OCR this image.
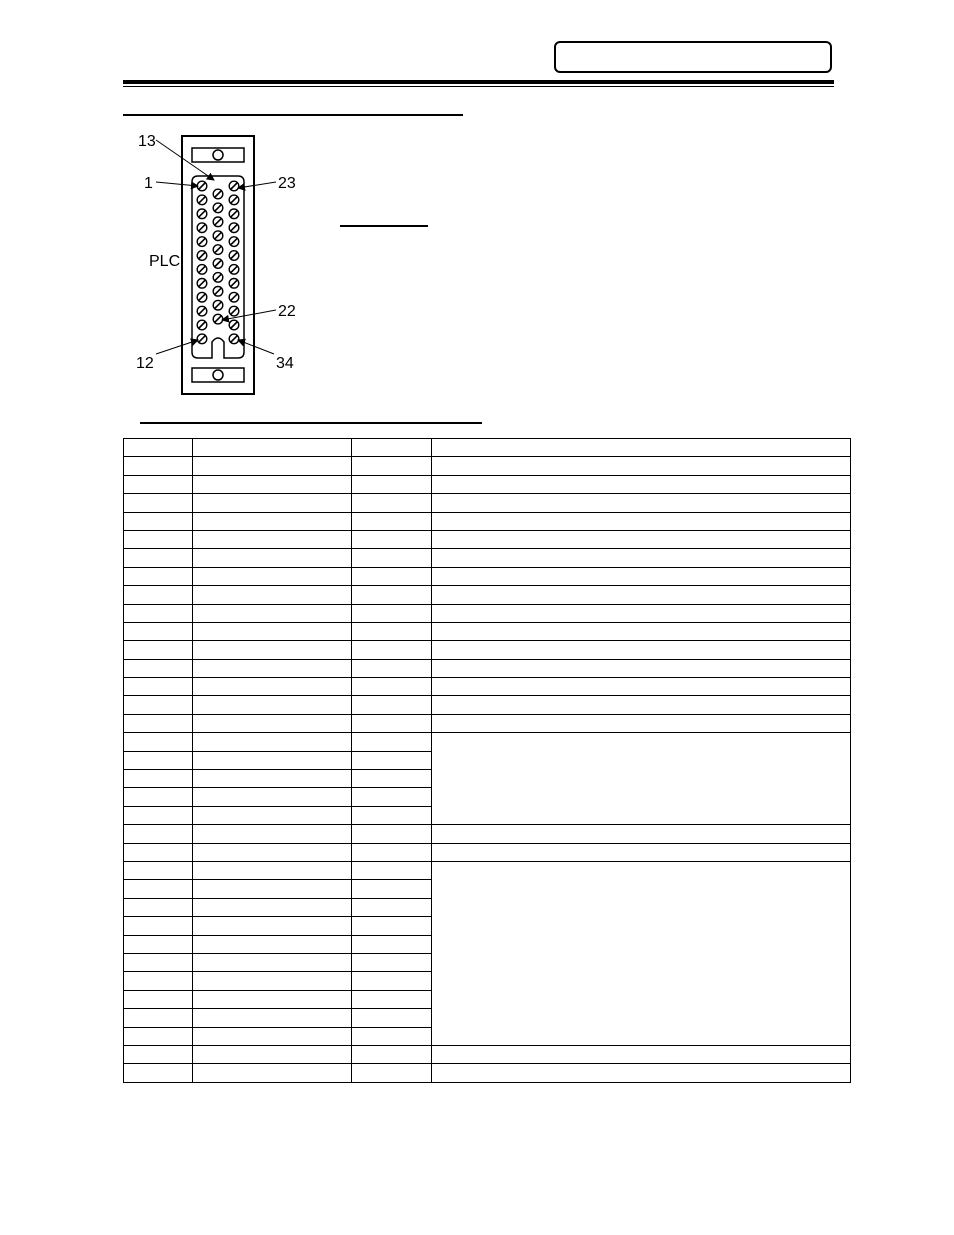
13
1	23
PLC
22
12	34
